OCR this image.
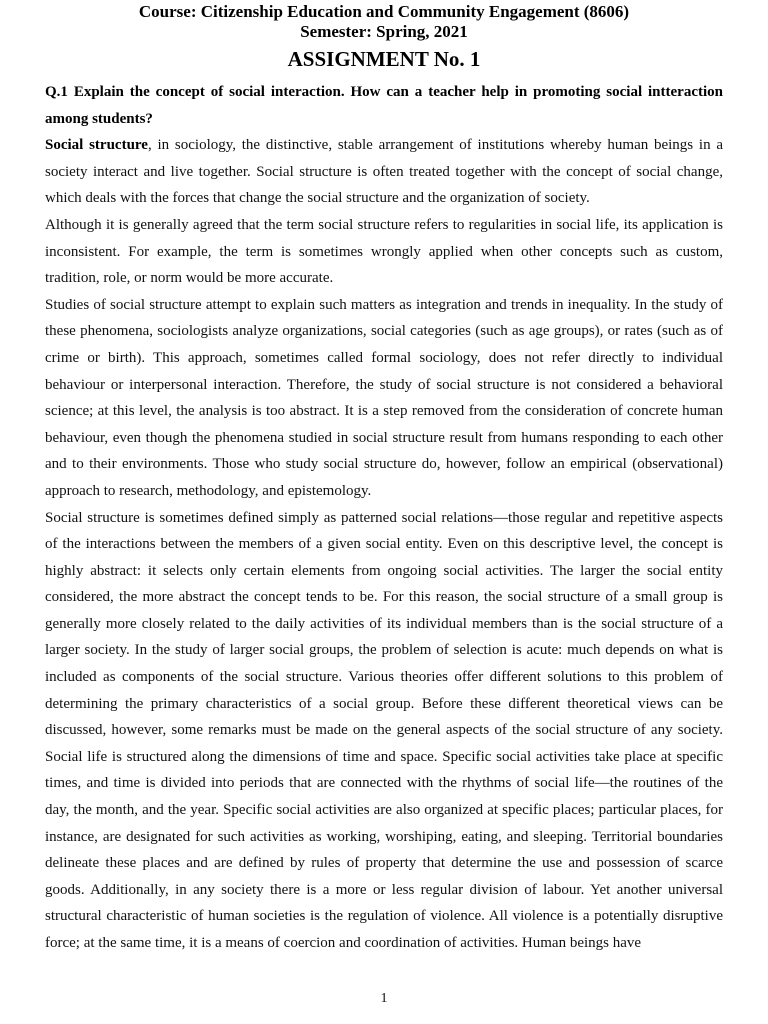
Course: Citizenship Education and Community Engagement (8606)
Semester: Spring, 2021
ASSIGNMENT No. 1

Q.1 Explain the concept of social interaction. How can a teacher help in promoting social intteraction among students?

Social structure, in sociology, the distinctive, stable arrangement of institutions whereby human beings in a society interact and live together. Social structure is often treated together with the concept of social change, which deals with the forces that change the social structure and the organization of society.

Although it is generally agreed that the term social structure refers to regularities in social life, its application is inconsistent. For example, the term is sometimes wrongly applied when other concepts such as custom, tradition, role, or norm would be more accurate.

Studies of social structure attempt to explain such matters as integration and trends in inequality. In the study of these phenomena, sociologists analyze organizations, social categories (such as age groups), or rates (such as of crime or birth). This approach, sometimes called formal sociology, does not refer directly to individual behaviour or interpersonal interaction. Therefore, the study of social structure is not considered a behavioral science; at this level, the analysis is too abstract. It is a step removed from the consideration of concrete human behaviour, even though the phenomena studied in social structure result from humans responding to each other and to their environments. Those who study social structure do, however, follow an empirical (observational) approach to research, methodology, and epistemology.

Social structure is sometimes defined simply as patterned social relations—those regular and repetitive aspects of the interactions between the members of a given social entity. Even on this descriptive level, the concept is highly abstract: it selects only certain elements from ongoing social activities. The larger the social entity considered, the more abstract the concept tends to be. For this reason, the social structure of a small group is generally more closely related to the daily activities of its individual members than is the social structure of a larger society. In the study of larger social groups, the problem of selection is acute: much depends on what is included as components of the social structure. Various theories offer different solutions to this problem of determining the primary characteristics of a social group. Before these different theoretical views can be discussed, however, some remarks must be made on the general aspects of the social structure of any society. Social life is structured along the dimensions of time and space. Specific social activities take place at specific times, and time is divided into periods that are connected with the rhythms of social life—the routines of the day, the month, and the year. Specific social activities are also organized at specific places; particular places, for instance, are designated for such activities as working, worshiping, eating, and sleeping. Territorial boundaries delineate these places and are defined by rules of property that determine the use and possession of scarce goods. Additionally, in any society there is a more or less regular division of labour. Yet another universal structural characteristic of human societies is the regulation of violence. All violence is a potentially disruptive force; at the same time, it is a means of coercion and coordination of activities. Human beings have

1
